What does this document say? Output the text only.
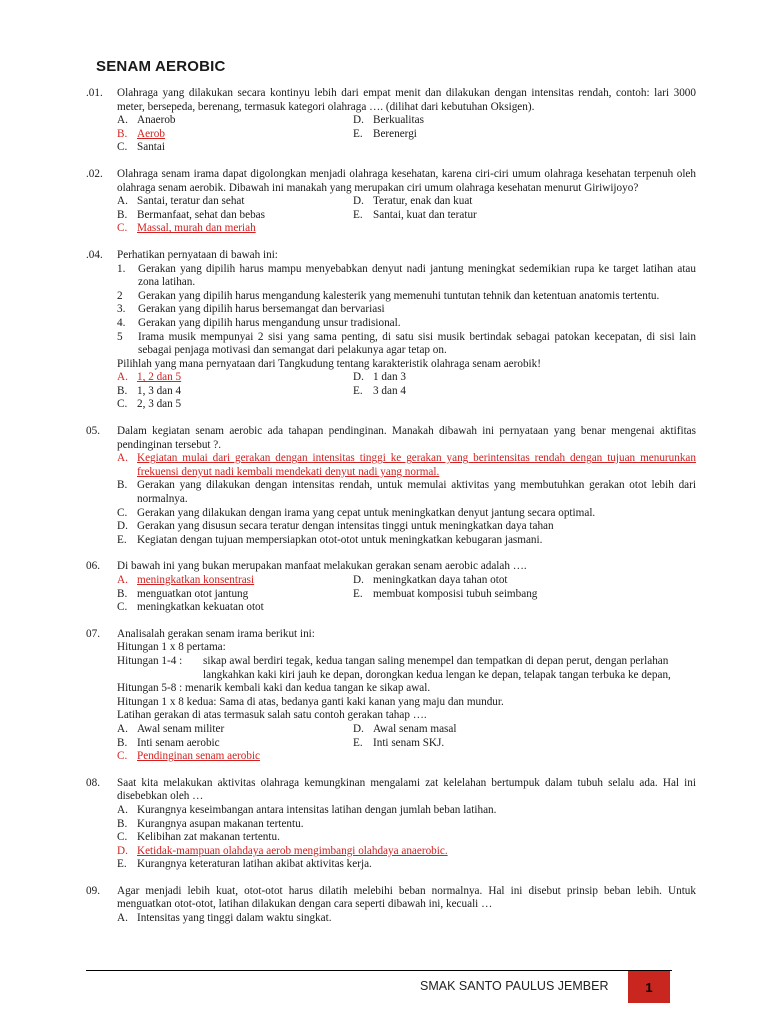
SENAM AEROBIC
.01.	Olahraga yang dilakukan secara kontinyu lebih dari empat menit dan dilakukan dengan intensitas rendah, contoh: lari 3000 meter, bersepeda, berenang, termasuk kategori olahraga …. (dilihat dari kebutuhan Oksigen).
A. Anaerob	D. Berkualitas
B. Aerob	E. Berenergi
C. Santai
.02.	Olahraga senam irama dapat digolongkan menjadi olahraga kesehatan, karena ciri-ciri umum olahraga kesehatan terpenuh oleh olahraga senam aerobik. Dibawah ini manakah yang merupakan ciri umum olahraga kesehatan menurut Giriwijoyo?
A. Santai, teratur dan sehat	D. Teratur, enak dan kuat
B. Bermanfaat, sehat dan bebas	E. Santai, kuat dan teratur
C. Massal, murah dan meriah
.04.	Perhatikan pernyataan di bawah ini:
1.	Gerakan yang dipilih harus mampu menyebabkan denyut nadi jantung meningkat sedemikian rupa ke target latihan atau zona latihan.
2	Gerakan yang dipilih harus mengandung kalesterik yang memenuhi tuntutan tehnik dan ketentuan anatomis tertentu.
3.	Gerakan yang dipilih harus bersemangat dan bervariasi
4.	Gerakan yang dipilih harus mengandung unsur tradisional.
5	Irama musik mempunyai 2 sisi yang sama penting, di satu sisi musik bertindak sebagai patokan kecepatan, di sisi lain sebagai penjaga motivasi dan semangat dari pelakunya agar tetap on.
Pilihlah yang mana pernyataan dari Tangkudung tentang karakteristik olahraga senam aerobik!
A. 1, 2 dan 5	D. 1 dan 3
B. 1, 3 dan 4	E. 3 dan 4
C. 2, 3 dan 5
05.	Dalam kegiatan senam aerobic ada tahapan pendinginan. Manakah dibawah ini pernyataan yang benar mengenai aktifitas pendinginan tersebut ?.
A. Kegiatan mulai dari gerakan dengan intensitas tinggi ke gerakan yang berintensitas rendah dengan tujuan menurunkan frekuensi denyut nadi kembali mendekati denyut nadi yang normal.
B. Gerakan yang dilakukan dengan intensitas rendah, untuk memulai aktivitas yang membutuhkan gerakan otot lebih dari normalnya.
C. Gerakan yang dilakukan dengan irama yang cepat untuk meningkatkan denyut jantung secara optimal.
D. Gerakan yang disusun secara teratur dengan intensitas tinggi untuk meningkatkan daya tahan
E. Kegiatan dengan tujuan mempersiapkan otot-otot untuk meningkatkan kebugaran jasmani.
06.	Di bawah ini yang bukan merupakan manfaat melakukan gerakan senam aerobic adalah ….
A. meningkatkan konsentrasi	D. meningkatkan daya tahan otot
B. menguatkan otot jantung	E. membuat komposisi tubuh seimbang
C. meningkatkan kekuatan otot
07.	Analisalah gerakan senam irama berikut ini:
Hitungan 1 x 8 pertama:
Hitungan 1-4 :	sikap awal berdiri tegak, kedua tangan saling menempel dan tempatkan di depan perut, dengan perlahan langkahkan kaki kiri jauh ke depan, dorongkan kedua lengan ke depan, telapak tangan terbuka ke depan,
Hitungan 5-8 : menarik kembali kaki dan kedua tangan ke sikap awal.
Hitungan 1 x 8 kedua: Sama di atas, bedanya ganti kaki kanan yang maju dan mundur.
Latihan gerakan di atas termasuk salah satu contoh gerakan tahap ….
A. Awal senam militer	D. Awal senam masal
B. Inti senam aerobic	E. Inti senam SKJ.
C. Pendinginan senam aerobic
08.	Saat kita melakukan aktivitas olahraga kemungkinan mengalami zat kelelahan bertumpuk dalam tubuh selalu ada. Hal ini disebebkan oleh …
A. Kurangnya keseimbangan antara intensitas latihan dengan jumlah beban latihan.
B. Kurangnya asupan makanan tertentu.
C. Kelibihan zat makanan tertentu.
D. Ketidak-mampuan olahdaya aerob mengimbangi olahdaya anaerobic.
E. Kurangnya keteraturan latihan akibat aktivitas kerja.
09.	Agar menjadi lebih kuat, otot-otot harus dilatih melebihi beban normalnya. Hal ini disebut prinsip beban lebih. Untuk menguatkan otot-otot, latihan dilakukan dengan cara seperti dibawah ini, kecuali …
A. Intensitas yang tinggi dalam waktu singkat.
SMAK SANTO PAULUS JEMBER	1
